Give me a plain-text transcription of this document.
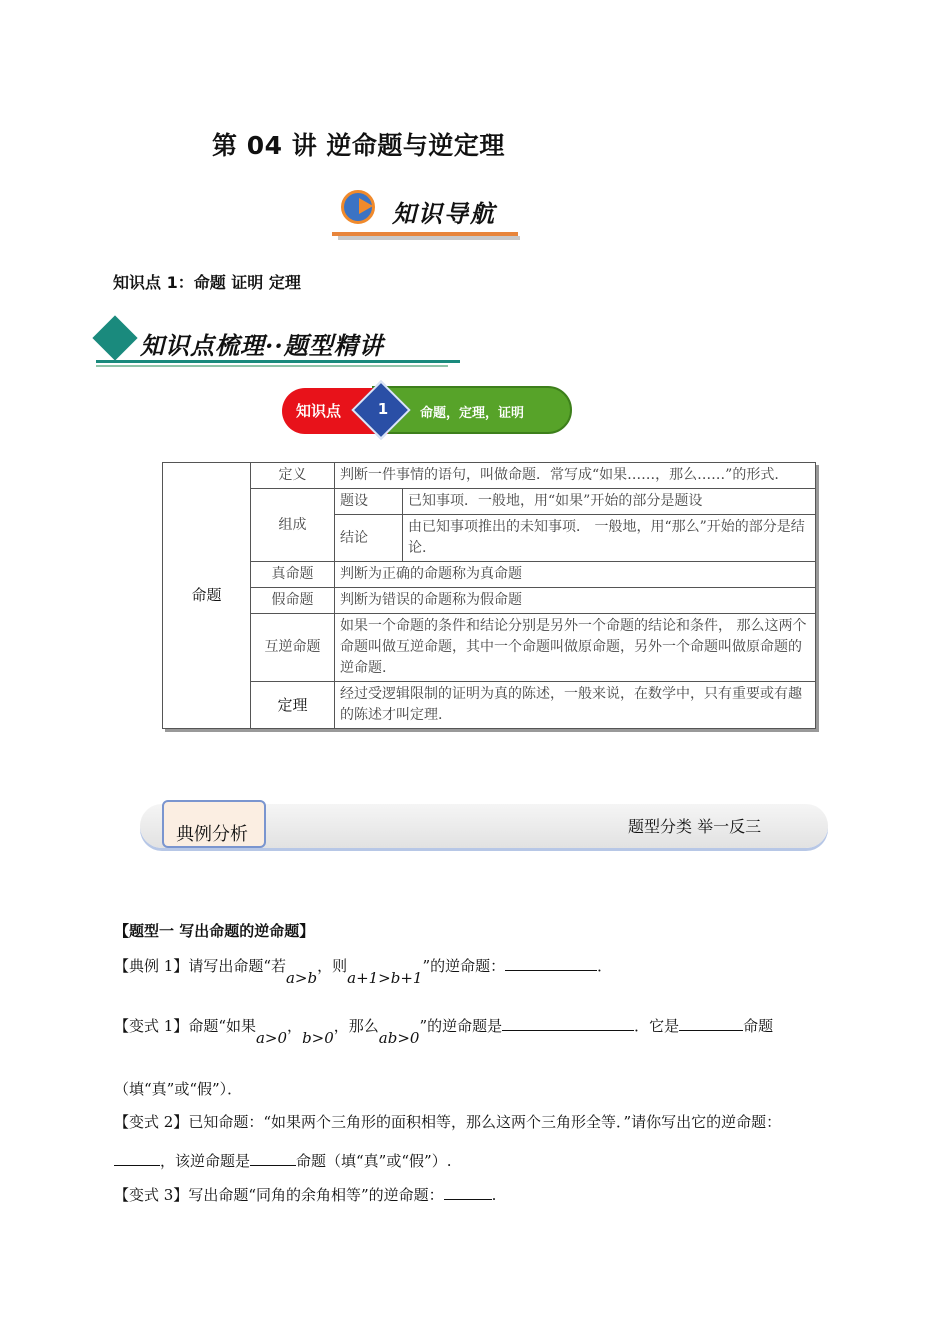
第 04 讲 逆命题与逆定理
知识导航
知识点 1：命题 证明 定理
知识点梳理··题型精讲
知识点 1 命题，定理，证明
命题	定义	判断一件事情的语句，叫做命题．常写成“如果……，那么……”的形式.	
	组成	题设	已知事项．一般地，用“如果”开始的部分是题设
		结论	由已知事项推出的未知事项． 一般地，用“那么”开始的部分是结论.
	真命题	判断为正确的命题称为真命题	
	假命题	判断为错误的命题称为假命题	
	互逆命题	如果一个命题的条件和结论分别是另外一个命题的结论和条件， 那么这两个命题叫做互逆命题，其中一个命题叫做原命题，另外一个命题叫做原命题的逆命题.	
	定理	经过受逻辑限制的证明为真的陈述，一般来说，在数学中，只有重要或有趣的陈述才叫定理.	
典例分析	题型分类 举一反三
【题型一 写出命题的逆命题】
【典例 1】请写出命题“若a>b，则a+1>b+1”的逆命题：	．
【变式 1】命题“如果a>0，b>0，那么ab>0”的逆命题是	．它是	命题
（填“真”或“假”）．
【变式 2】已知命题：“如果两个三角形的面积相等，那么这两个三角形全等．”请你写出它的逆命题：
，该逆命题是	命题（填“真”或“假”）.
【变式 3】写出命题“同角的余角相等”的逆命题：	.
